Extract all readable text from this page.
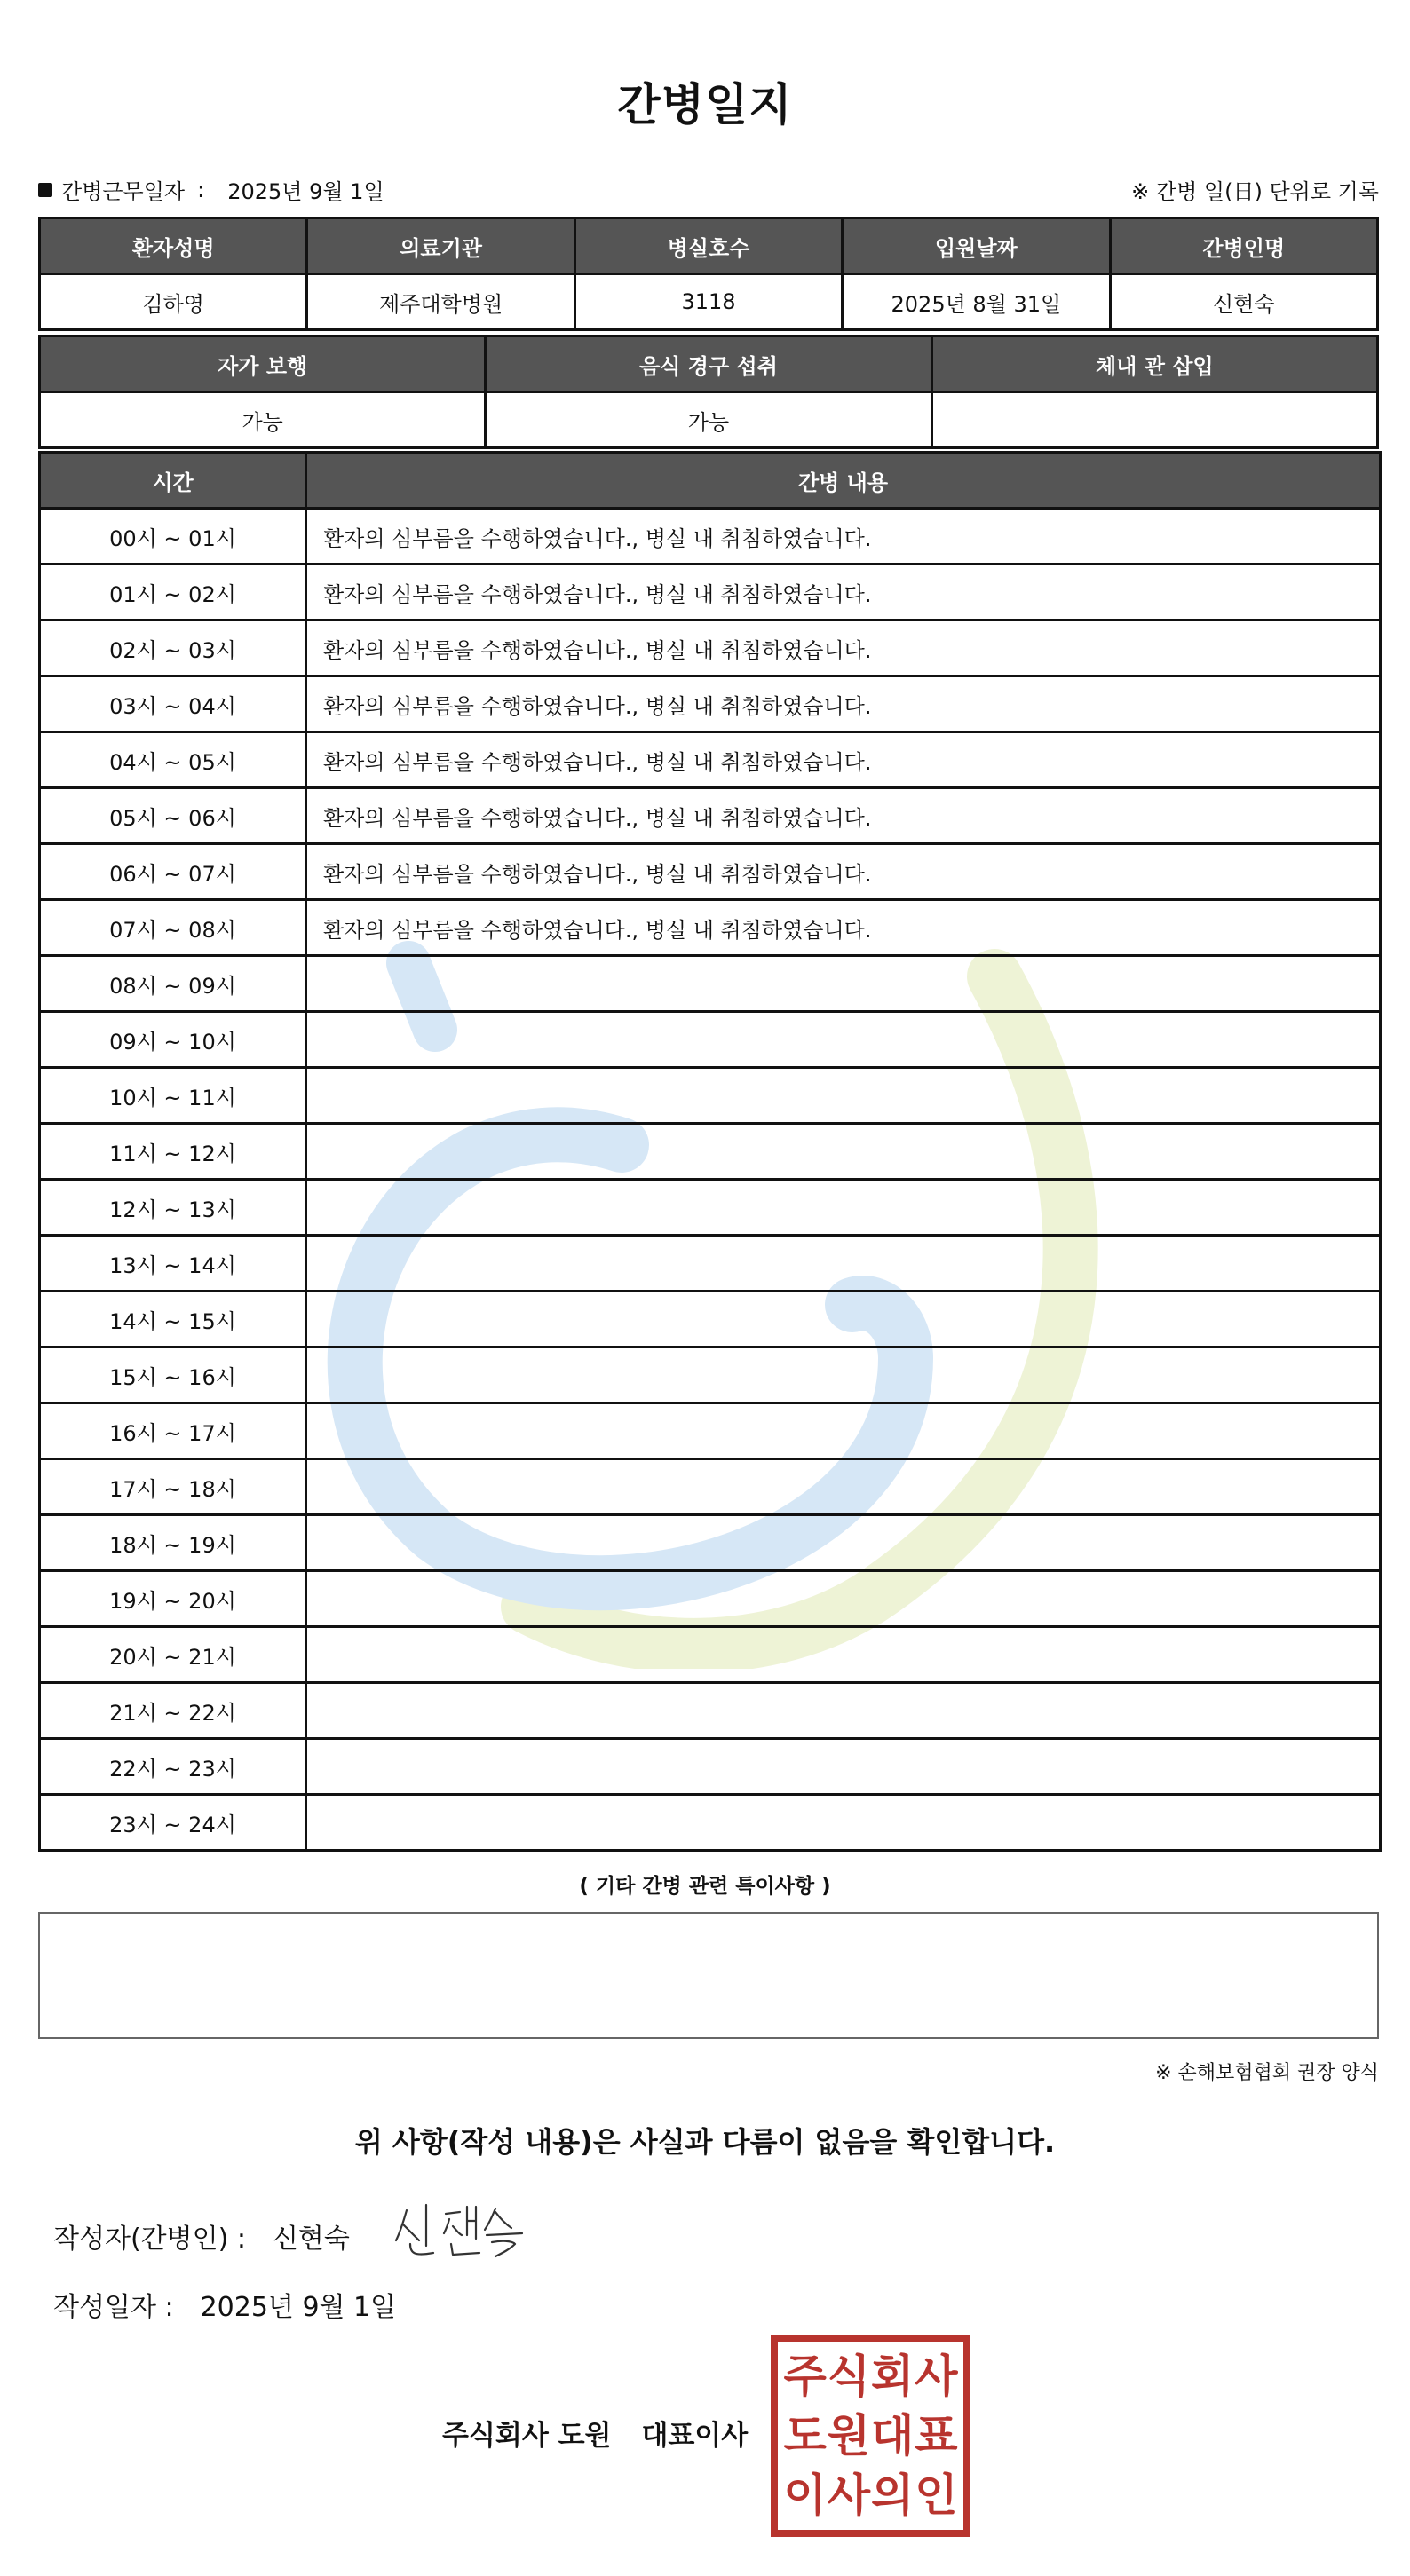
간병일지
간병근무일자 : 2025년 9월 1일	※ 간병 일(日) 단위로 기록
환자성명	의료기관	병실호수	입원날짜	간병인명
김하영	제주대학병원	3118	2025년 8월 31일	신현숙
자가 보행	음식 경구 섭취	체내 관 삽입
가능	가능	
시간	간병 내용
00시 ~ 01시	환자의 심부름을 수행하였습니다., 병실 내 취침하였습니다.
01시 ~ 02시	환자의 심부름을 수행하였습니다., 병실 내 취침하였습니다.
02시 ~ 03시	환자의 심부름을 수행하였습니다., 병실 내 취침하였습니다.
03시 ~ 04시	환자의 심부름을 수행하였습니다., 병실 내 취침하였습니다.
04시 ~ 05시	환자의 심부름을 수행하였습니다., 병실 내 취침하였습니다.
05시 ~ 06시	환자의 심부름을 수행하였습니다., 병실 내 취침하였습니다.
06시 ~ 07시	환자의 심부름을 수행하였습니다., 병실 내 취침하였습니다.
07시 ~ 08시	환자의 심부름을 수행하였습니다., 병실 내 취침하였습니다.
08시 ~ 09시	
09시 ~ 10시	
10시 ~ 11시	
11시 ~ 12시	
12시 ~ 13시	
13시 ~ 14시	
14시 ~ 15시	
15시 ~ 16시	
16시 ~ 17시	
17시 ~ 18시	
18시 ~ 19시	
19시 ~ 20시	
20시 ~ 21시	
21시 ~ 22시	
22시 ~ 23시	
23시 ~ 24시	
( 기타 간병 관련 특이사항 )
※ 손해보험협회 권장 양식
위 사항(작성 내용)은 사실과 다름이 없음을 확인합니다.
작성자(간병인) : 신현숙
작성일자 : 2025년 9월 1일
주식회사 도원 대표이사
주 식 회 사
도 원 대 표
이 사 의 인
